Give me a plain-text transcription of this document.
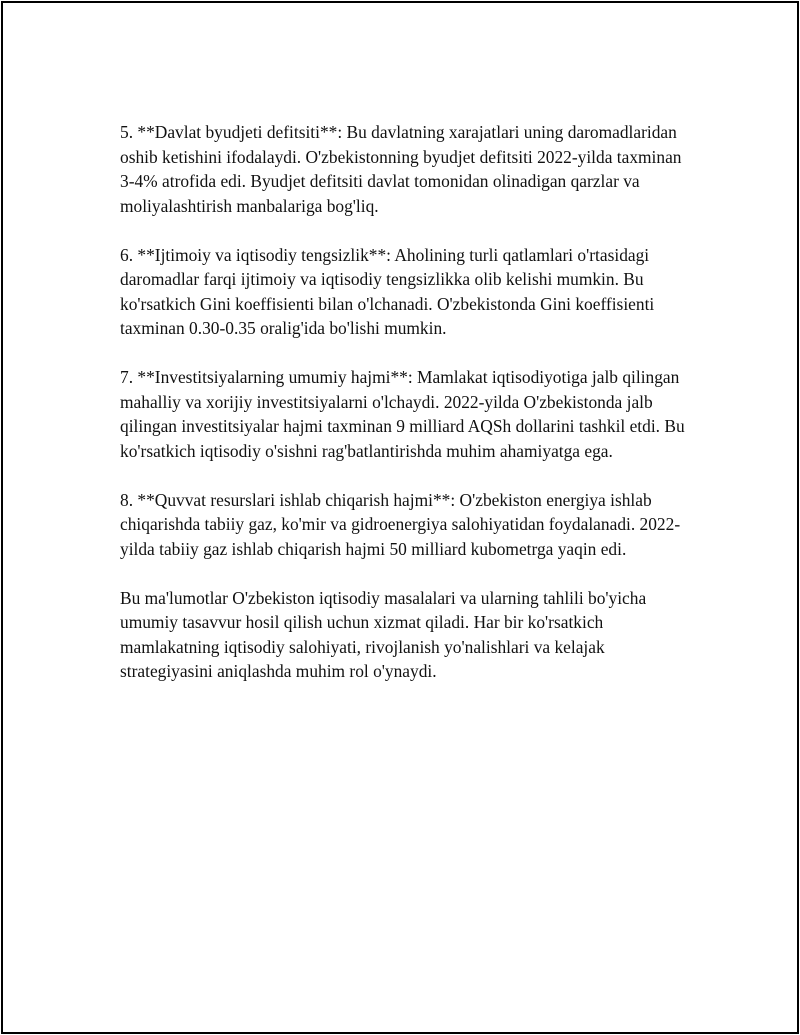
5. **Davlat byudjeti defitsiti**: Bu davlatning xarajatlari uning daromadlaridan oshib ketishini ifodalaydi. O'zbekistonning byudjet defitsiti 2022-yilda taxminan 3-4% atrofida edi. Byudjet defitsiti davlat tomonidan olinadigan qarzlar va moliyalashtirish manbalariga bog'liq.

6. **Ijtimoiy va iqtisodiy tengsizlik**: Aholining turli qatlamlari o'rtasidagi daromadlar farqi ijtimoiy va iqtisodiy tengsizlikka olib kelishi mumkin. Bu ko'rsatkich Gini koeffisienti bilan o'lchanadi. O'zbekistonda Gini koeffisienti taxminan 0.30-0.35 oralig'ida bo'lishi mumkin.

7. **Investitsiyalarning umumiy hajmi**: Mamlakat iqtisodiyotiga jalb qilingan mahalliy va xorijiy investitsiyalarni o'lchaydi. 2022-yilda O'zbekistonda jalb qilingan investitsiyalar hajmi taxminan 9 milliard AQSh dollarini tashkil etdi. Bu ko'rsatkich iqtisodiy o'sishni rag'batlantirishda muhim ahamiyatga ega.

8. **Quvvat resurslari ishlab chiqarish hajmi**: O'zbekiston energiya ishlab chiqarishda tabiiy gaz, ko'mir va gidroenergiya salohiyatidan foydalanadi. 2022-yilda tabiiy gaz ishlab chiqarish hajmi 50 milliard kubometrga yaqin edi.

Bu ma'lumotlar O'zbekiston iqtisodiy masalalari va ularning tahlili bo'yicha umumiy tasavvur hosil qilish uchun xizmat qiladi. Har bir ko'rsatkich mamlakatning iqtisodiy salohiyati, rivojlanish yo'nalishlari va kelajak strategiyasini aniqlashda muhim rol o'ynaydi.
